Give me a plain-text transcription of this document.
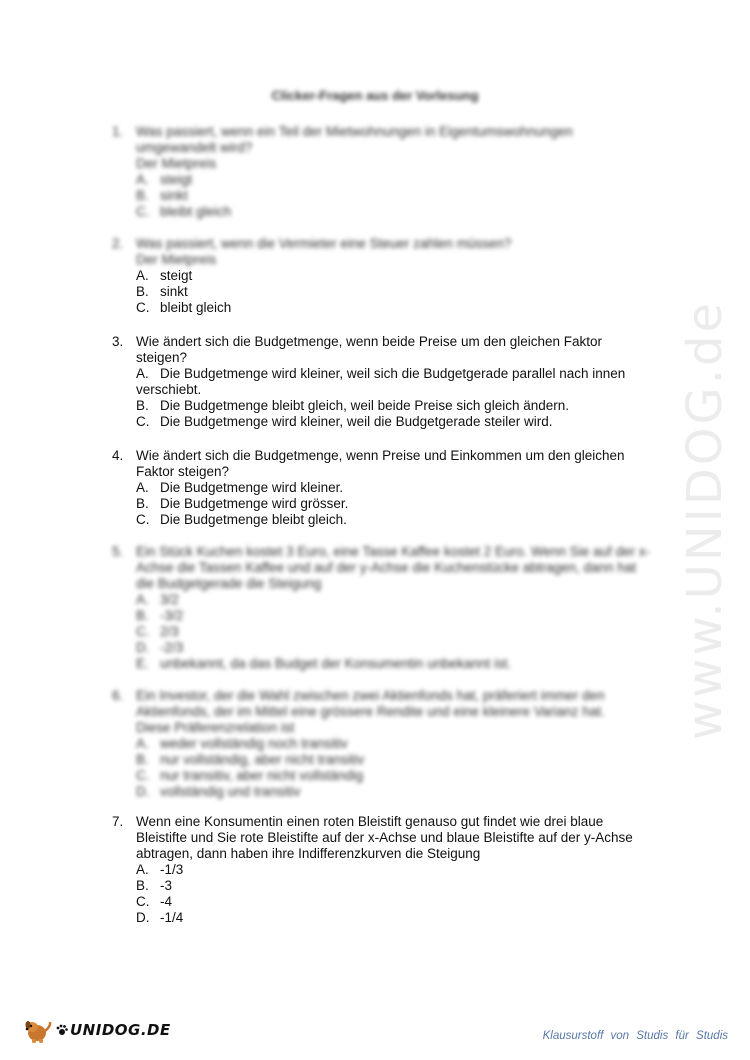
www.UNIDOG.de
Clicker-Fragen aus der Vorlesung
1. Was passiert, wenn ein Teil der Mietwohnungen in Eigentumswohnungen umgewandelt wird?
Der Mietpreis
A. steigt
B. sinkt
C. bleibt gleich
2. Was passiert, wenn die Vermieter eine Steuer zahlen müssen?
Der Mietpreis
A. steigt
B. sinkt
C. bleibt gleich
3. Wie ändert sich die Budgetmenge, wenn beide Preise um den gleichen Faktor steigen?
A. Die Budgetmenge wird kleiner, weil sich die Budgetgerade parallel nach innen
verschiebt.
B. Die Budgetmenge bleibt gleich, weil beide Preise sich gleich ändern.
C. Die Budgetmenge wird kleiner, weil die Budgetgerade steiler wird.
4. Wie ändert sich die Budgetmenge, wenn Preise und Einkommen um den gleichen Faktor steigen?
A. Die Budgetmenge wird kleiner.
B. Die Budgetmenge wird grösser.
C. Die Budgetmenge bleibt gleich.
5. Ein Stück Kuchen kostet 3 Euro, eine Tasse Kaffee kostet 2 Euro. Wenn Sie auf der x-Achse die Tassen Kaffee und auf der y-Achse die Kuchenstücke abtragen, dann hat die Budgetgerade die Steigung
A. 3/2
B. -3/2
C. 2/3
D. -2/3
E. unbekannt, da das Budget der Konsumentin unbekannt ist.
6. Ein Investor, der die Wahl zwischen zwei Aktienfonds hat, präferiert immer den Aktienfonds, der im Mittel eine grössere Rendite und eine kleinere Varianz hat.
Diese Präferenzrelation ist
A. weder vollständig noch transitiv
B. nur vollständig, aber nicht transitiv
C. nur transitiv, aber nicht vollständig
D. vollständig und transitiv
7. Wenn eine Konsumentin einen roten Bleistift genauso gut findet wie drei blaue Bleistifte und Sie rote Bleistifte auf der x-Achse und blaue Bleistifte auf der y-Achse abtragen, dann haben ihre Indifferenzkurven die Steigung
A. -1/3
B. -3
C. -4
D. -1/4
UNIDOG.DE	Klausurstoff von Studis für Studis
